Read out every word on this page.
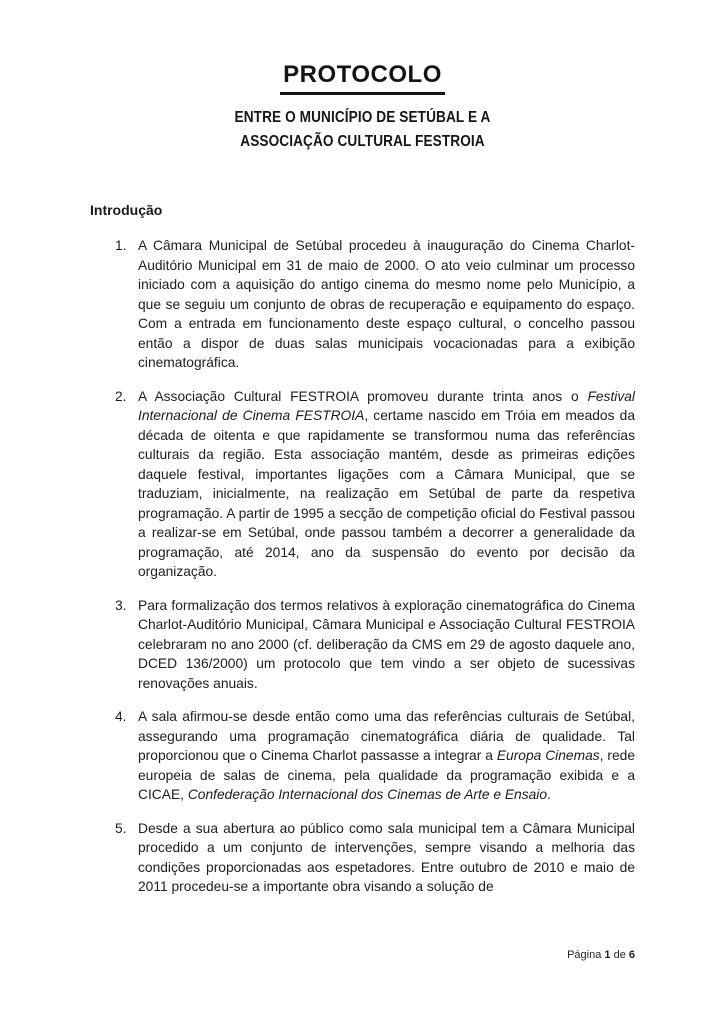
PROTOCOLO
ENTRE O MUNICÍPIO DE SETÚBAL E A
ASSOCIAÇÃO CULTURAL FESTROIA
Introdução
1. A Câmara Municipal de Setúbal procedeu à inauguração do Cinema Charlot-Auditório Municipal em 31 de maio de 2000. O ato veio culminar um processo iniciado com a aquisição do antigo cinema do mesmo nome pelo Município, a que se seguiu um conjunto de obras de recuperação e equipamento do espaço. Com a entrada em funcionamento deste espaço cultural, o concelho passou então a dispor de duas salas municipais vocacionadas para a exibição cinematográfica.
2. A Associação Cultural FESTROIA promoveu durante trinta anos o Festival Internacional de Cinema FESTROIA, certame nascido em Tróia em meados da década de oitenta e que rapidamente se transformou numa das referências culturais da região. Esta associação mantém, desde as primeiras edições daquele festival, importantes ligações com a Câmara Municipal, que se traduziam, inicialmente, na realização em Setúbal de parte da respetiva programação. A partir de 1995 a secção de competição oficial do Festival passou a realizar-se em Setúbal, onde passou também a decorrer a generalidade da programação, até 2014, ano da suspensão do evento por decisão da organização.
3. Para formalização dos termos relativos à exploração cinematográfica do Cinema Charlot-Auditório Municipal, Câmara Municipal e Associação Cultural FESTROIA celebraram no ano 2000 (cf. deliberação da CMS em 29 de agosto daquele ano, DCED 136/2000) um protocolo que tem vindo a ser objeto de sucessivas renovações anuais.
4. A sala afirmou-se desde então como uma das referências culturais de Setúbal, assegurando uma programação cinematográfica diária de qualidade. Tal proporcionou que o Cinema Charlot passasse a integrar a Europa Cinemas, rede europeia de salas de cinema, pela qualidade da programação exibida e a CICAE, Confederação Internacional dos Cinemas de Arte e Ensaio.
5. Desde a sua abertura ao público como sala municipal tem a Câmara Municipal procedido a um conjunto de intervenções, sempre visando a melhoria das condições proporcionadas aos espetadores. Entre outubro de 2010 e maio de 2011 procedeu-se a importante obra visando a solução de
Página 1 de 6
